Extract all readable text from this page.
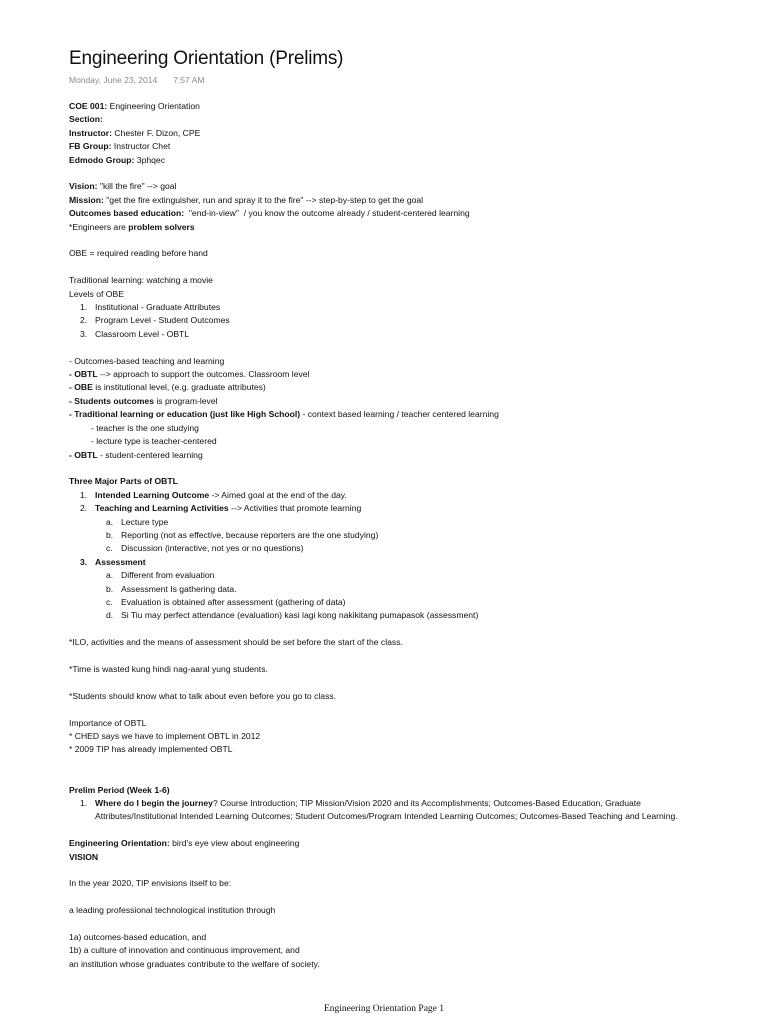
Engineering Orientation (Prelims)
Monday, June 23, 2014 7:57 AM
COE 001: Engineering Orientation
Section:
Instructor: Chester F. Dizon, CPE
FB Group: Instructor Chet
Edmodo Group: 3phqec
Vision: "kill the fire" --> goal
Mission: "get the fire extinguisher, run and spray it to the fire" --> step-by-step to get the goal
Outcomes based education:  "end-in-view"  / you know the outcome already / student-centered learning
*Engineers are problem solvers
OBE = required reading before hand
Traditional learning: watching a movie
Levels of OBE
1. Institutional - Graduate Attributes
2. Program Level - Student Outcomes
3. Classroom Level - OBTL
- Outcomes-based teaching and learning
- OBTL --> approach to support the outcomes. Classroom level
- OBE is institutional level, (e.g. graduate attributes)
- Students outcomes is program-level
- Traditional learning or education (just like High School) - context based learning / teacher centered learning
- teacher is the one studying
- lecture type is teacher-centered
- OBTL - student-centered learning
Three Major Parts of OBTL
1. Intended Learning Outcome -> Aimed goal at the end of the day.
2. Teaching and Learning Activities --> Activities that promote learning
a. Lecture type
b. Reporting (not as effective, because reporters are the one studying)
c. Discussion (interactive, not yes or no questions)
3. Assessment
a. Different from evaluation
b. Assessment Is gathering data.
c. Evaluation is obtained after assessment (gathering of data)
d. Si Tiu may perfect attendance (evaluation) kasi lagi kong nakikitang pumapasok (assessment)
*ILO, activities and the means of assessment should be set before the start of the class.
*Time is wasted kung hindi nag-aaral yung students.
*Students should know what to talk about even before you go to class.
Importance of OBTL
* CHED says we have to implement OBTL in 2012
* 2009 TIP has already implemented OBTL
Prelim Period (Week 1-6)
1. Where do I begin the journey? Course Introduction; TIP Mission/Vision 2020 and its Accomplishments; Outcomes-Based Education, Graduate
Attributes/Institutional Intended Learning Outcomes; Student Outcomes/Program Intended Learning Outcomes; Outcomes-Based Teaching and Learning.
Engineering Orientation: bird's eye view about engineering
VISION
In the year 2020, TIP envisions itself to be:
a leading professional technological institution through
1a) outcomes-based education, and
1b) a culture of innovation and continuous improvement, and
an institution whose graduates contribute to the welfare of society.
Engineering Orientation Page 1
